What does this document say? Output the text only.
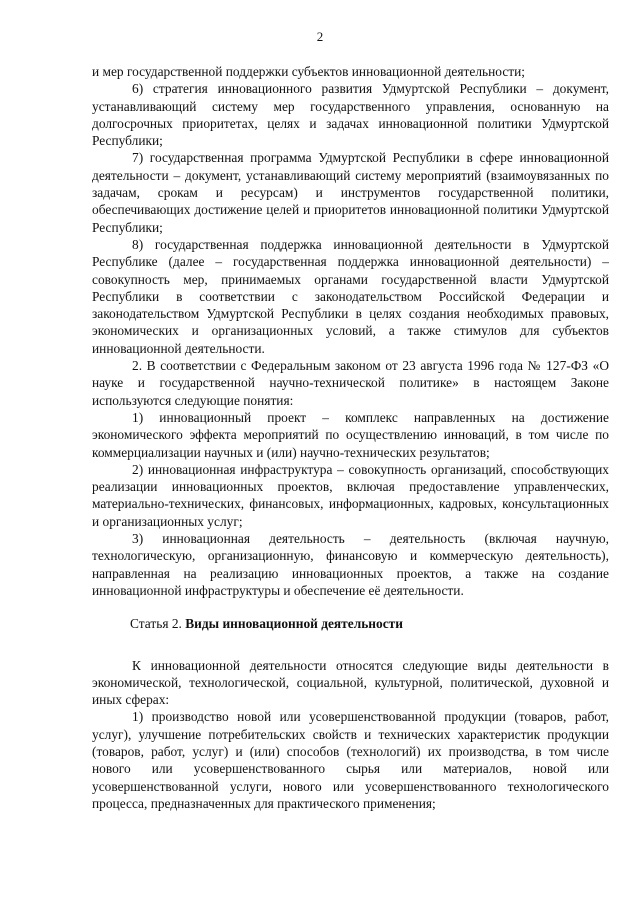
2

и мер государственной поддержки субъектов инновационной деятельности;

6) стратегия инновационного развития Удмуртской Республики – документ, устанавливающий систему мер государственного управления, основанную на долгосрочных приоритетах, целях и задачах инновационной политики Удмуртской Республики;

7) государственная программа Удмуртской Республики в сфере инновационной деятельности – документ, устанавливающий систему мероприятий (взаимоувязанных по задачам, срокам и ресурсам) и инструментов государственной политики, обеспечивающих достижение целей и приоритетов инновационной политики Удмуртской Республики;

8) государственная поддержка инновационной деятельности в Удмуртской Республике (далее – государственная поддержка инновационной деятельности) – совокупность мер, принимаемых органами государственной власти Удмуртской Республики в соответствии с законодательством Российской Федерации и законодательством Удмуртской Республики в целях создания необходимых правовых, экономических и организационных условий, а также стимулов для субъектов инновационной деятельности.

2. В соответствии с Федеральным законом от 23 августа 1996 года № 127-ФЗ «О науке и государственной научно-технической политике» в настоящем Законе используются следующие понятия:

1) инновационный проект – комплекс направленных на достижение экономического эффекта мероприятий по осуществлению инноваций, в том числе по коммерциализации научных и (или) научно-технических результатов;

2) инновационная инфраструктура – совокупность организаций, способствующих реализации инновационных проектов, включая предоставление управленческих, материально-технических, финансовых, информационных, кадровых, консультационных и организационных услуг;

3) инновационная деятельность – деятельность (включая научную, технологическую, организационную, финансовую и коммерческую деятельность), направленная на реализацию инновационных проектов, а также на создание инновационной инфраструктуры и обеспечение её деятельности.

Статья 2. Виды инновационной деятельности

К инновационной деятельности относятся следующие виды деятельности в экономической, технологической, социальной, культурной, политической, духовной и иных сферах:

1) производство новой или усовершенствованной продукции (товаров, работ, услуг), улучшение потребительских свойств и технических характеристик продукции (товаров, работ, услуг) и (или) способов (технологий) их производства, в том числе нового или усовершенствованного сырья или материалов, новой или усовершенствованной услуги, нового или усовершенствованного технологического процесса, предназначенных для практического применения;
